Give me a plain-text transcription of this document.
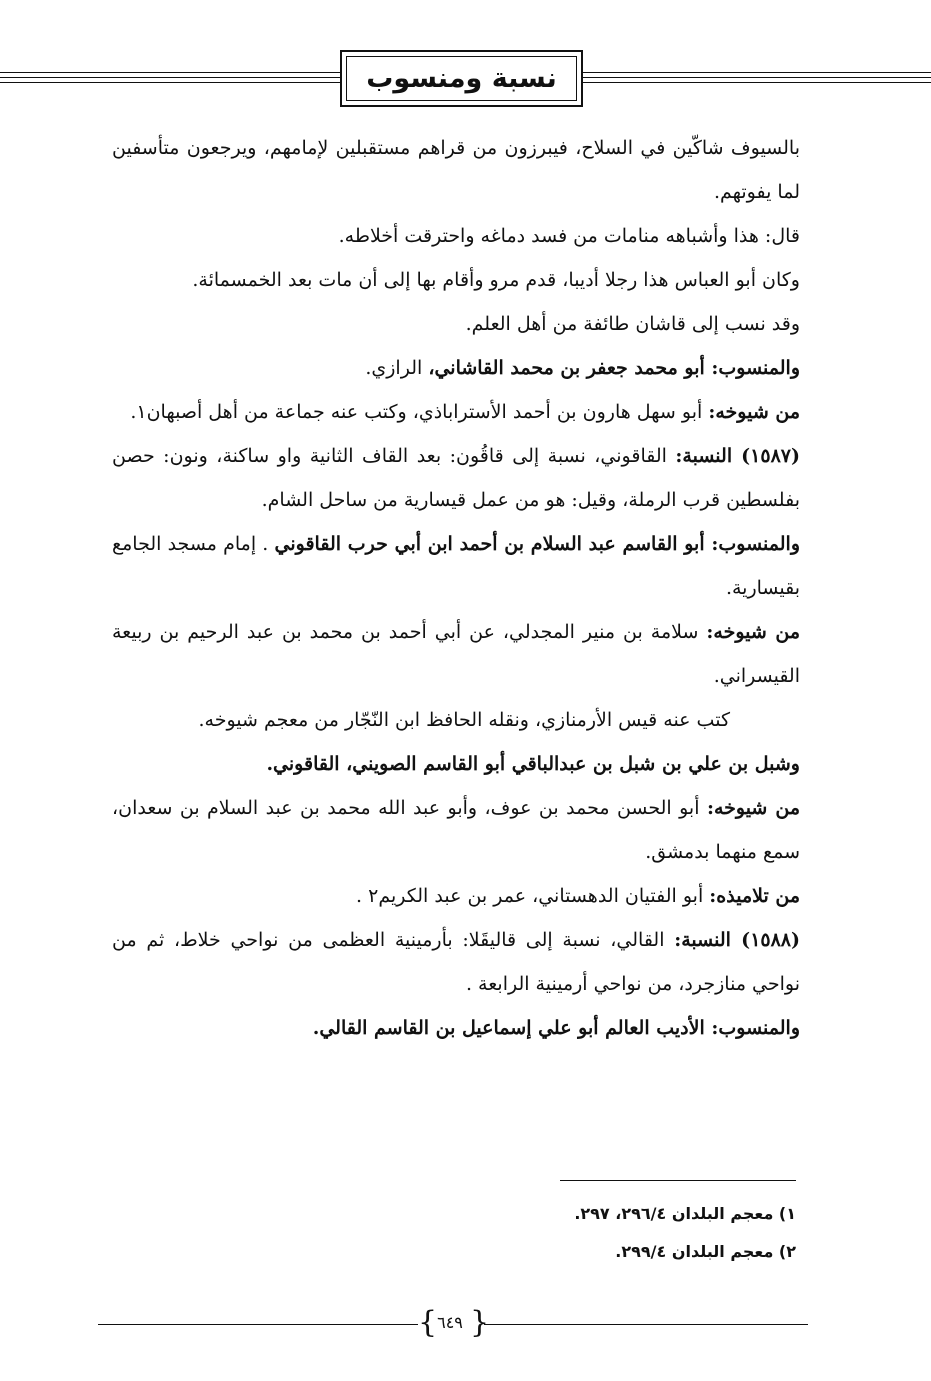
نسبة ومنسوب

بالسيوف شاكّين في السلاح، فيبرزون من قراهم مستقبلين لإمامهم، ويرجعون متأسفين لما يفوتهم.

قال: هذا وأشباهه منامات من فسد دماغه واحترقت أخلاطه.

وكان أبو العباس هذا رجلا أديبا، قدم مرو وأقام بها إلى أن مات بعد الخمسمائة.

وقد نسب إلى قاشان طائفة من أهل العلم.

والمنسوب: أبو محمد جعفر بن محمد القاشاني، الرازي.

من شيوخه: أبو سهل هارون بن أحمد الأستراباذي، وكتب عنه جماعة من أهل أصبهان١.

(١٥٨٧) النسبة: القاقوني، نسبة إلى قاقُون: بعد القاف الثانية واو ساكنة، ونون: حصن بفلسطين قرب الرملة، وقيل: هو من عمل قيسارية من ساحل الشام.

والمنسوب: أبو القاسم عبد السلام بن أحمد ابن أبي حرب القاقوني . إمام مسجد الجامع بقيسارية.

من شيوخه: سلامة بن منير المجدلي، عن أبي أحمد بن محمد بن عبد الرحيم بن ربيعة القيسراني.

كتب عنه قيس الأرمنازي، ونقله الحافظ ابن النّجّار من معجم شيوخه.

وشبل بن علي بن شبل بن عبدالباقي أبو القاسم الصويني، القاقوني.

من شيوخه: أبو الحسن محمد بن عوف، وأبو عبد الله محمد بن عبد السلام بن سعدان، سمع منهما بدمشق.

من تلاميذه: أبو الفتيان الدهستاني، عمر بن عبد الكريم٢ .

(١٥٨٨) النسبة: القالي، نسبة إلى قاليقَلا: بأرمينية العظمى من نواحي خلاط، ثم من نواحي منازجرد، من نواحي أرمينية الرابعة .

والمنسوب: الأديب العالم أبو علي إسماعيل بن القاسم القالي.

١) معجم البلدان ٢٩٦/٤، ٢٩٧.

٢) معجم البلدان ٢٩٩/٤.

{ ٦٤٩ }
